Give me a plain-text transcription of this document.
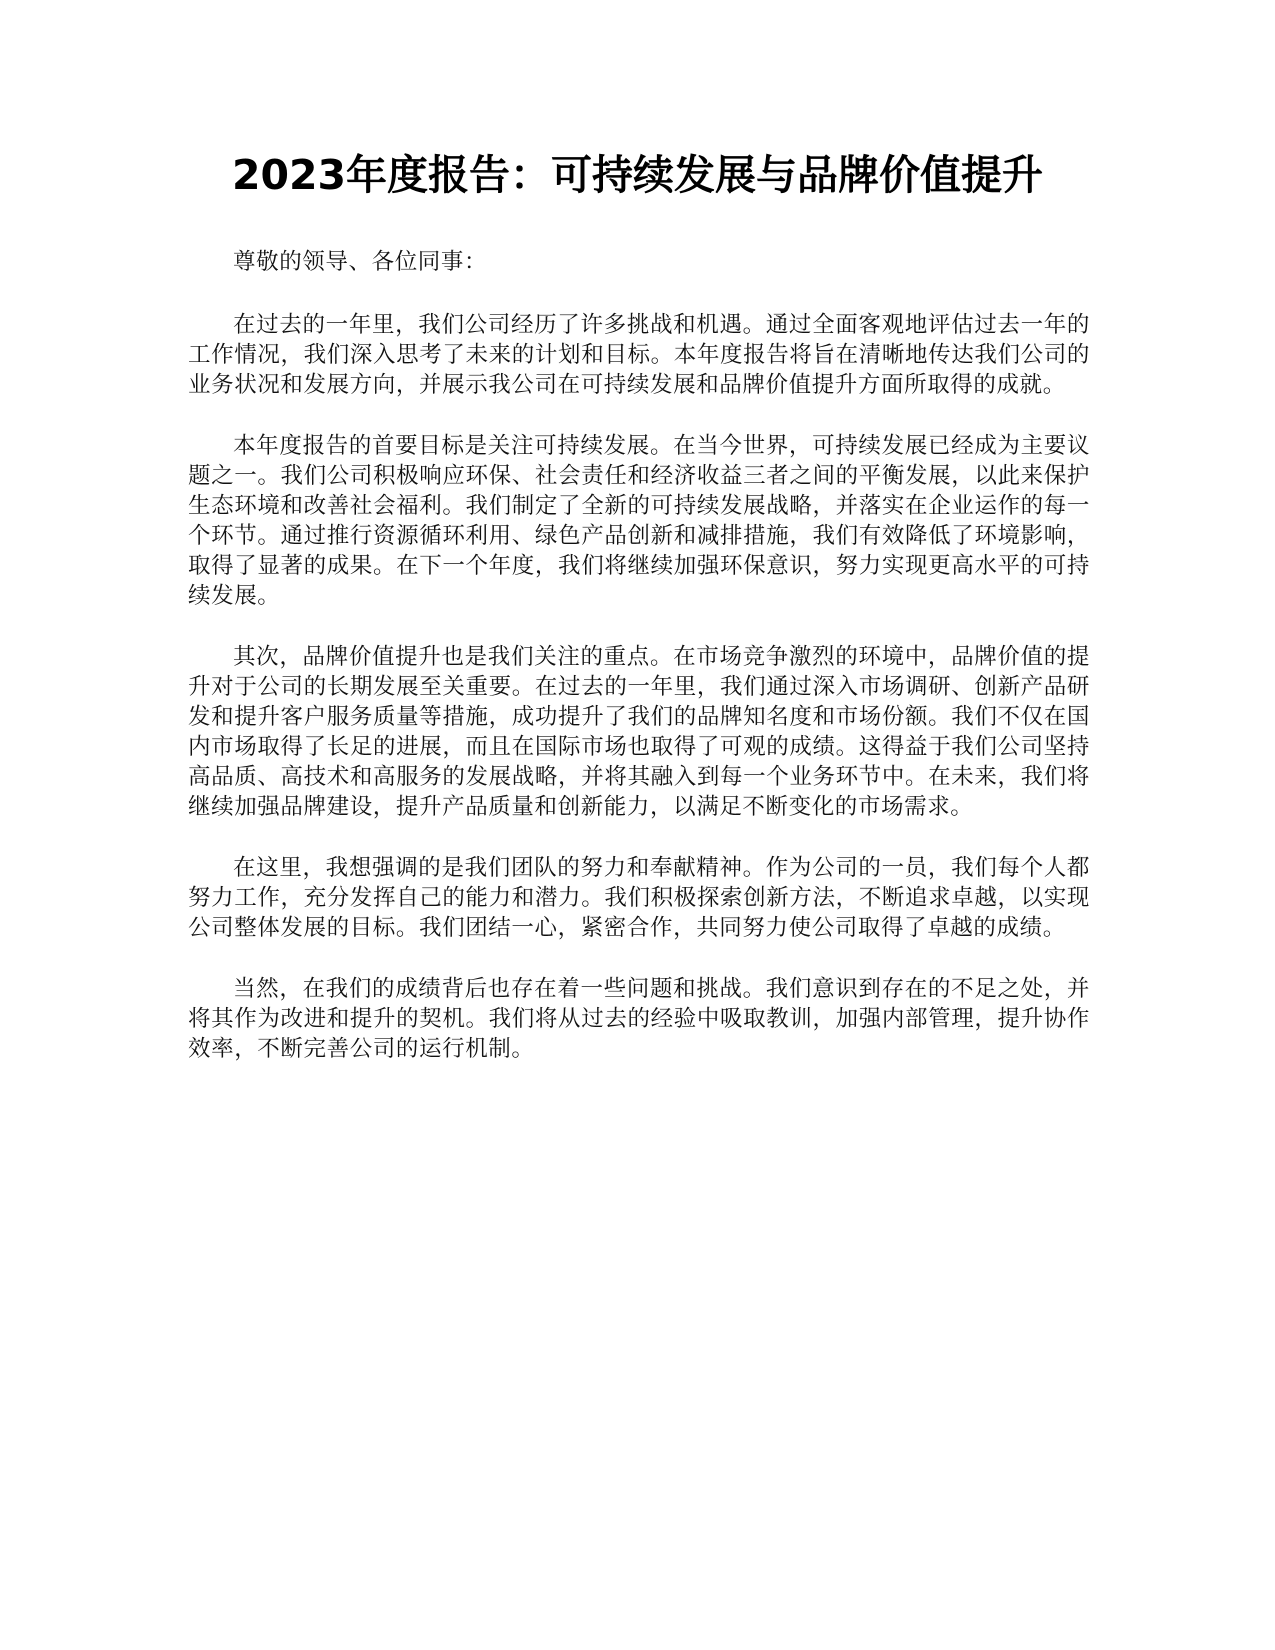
2023年度报告：可持续发展与品牌价值提升

尊敬的领导、各位同事：

在过去的一年里，我们公司经历了许多挑战和机遇。通过全面客观地评估过去一年的工作情况，我们深入思考了未来的计划和目标。本年度报告将旨在清晰地传达我们公司的业务状况和发展方向，并展示我公司在可持续发展和品牌价值提升方面所取得的成就。

本年度报告的首要目标是关注可持续发展。在当今世界，可持续发展已经成为主要议题之一。我们公司积极响应环保、社会责任和经济收益三者之间的平衡发展，以此来保护生态环境和改善社会福利。我们制定了全新的可持续发展战略，并落实在企业运作的每一个环节。通过推行资源循环利用、绿色产品创新和减排措施，我们有效降低了环境影响，取得了显著的成果。在下一个年度，我们将继续加强环保意识，努力实现更高水平的可持续发展。

其次，品牌价值提升也是我们关注的重点。在市场竞争激烈的环境中，品牌价值的提升对于公司的长期发展至关重要。在过去的一年里，我们通过深入市场调研、创新产品研发和提升客户服务质量等措施，成功提升了我们的品牌知名度和市场份额。我们不仅在国内市场取得了长足的进展，而且在国际市场也取得了可观的成绩。这得益于我们公司坚持高品质、高技术和高服务的发展战略，并将其融入到每一个业务环节中。在未来，我们将继续加强品牌建设，提升产品质量和创新能力，以满足不断变化的市场需求。

在这里，我想强调的是我们团队的努力和奉献精神。作为公司的一员，我们每个人都努力工作，充分发挥自己的能力和潜力。我们积极探索创新方法，不断追求卓越，以实现公司整体发展的目标。我们团结一心，紧密合作，共同努力使公司取得了卓越的成绩。

当然，在我们的成绩背后也存在着一些问题和挑战。我们意识到存在的不足之处，并将其作为改进和提升的契机。我们将从过去的经验中吸取教训，加强内部管理，提升协作效率，不断完善公司的运行机制。
